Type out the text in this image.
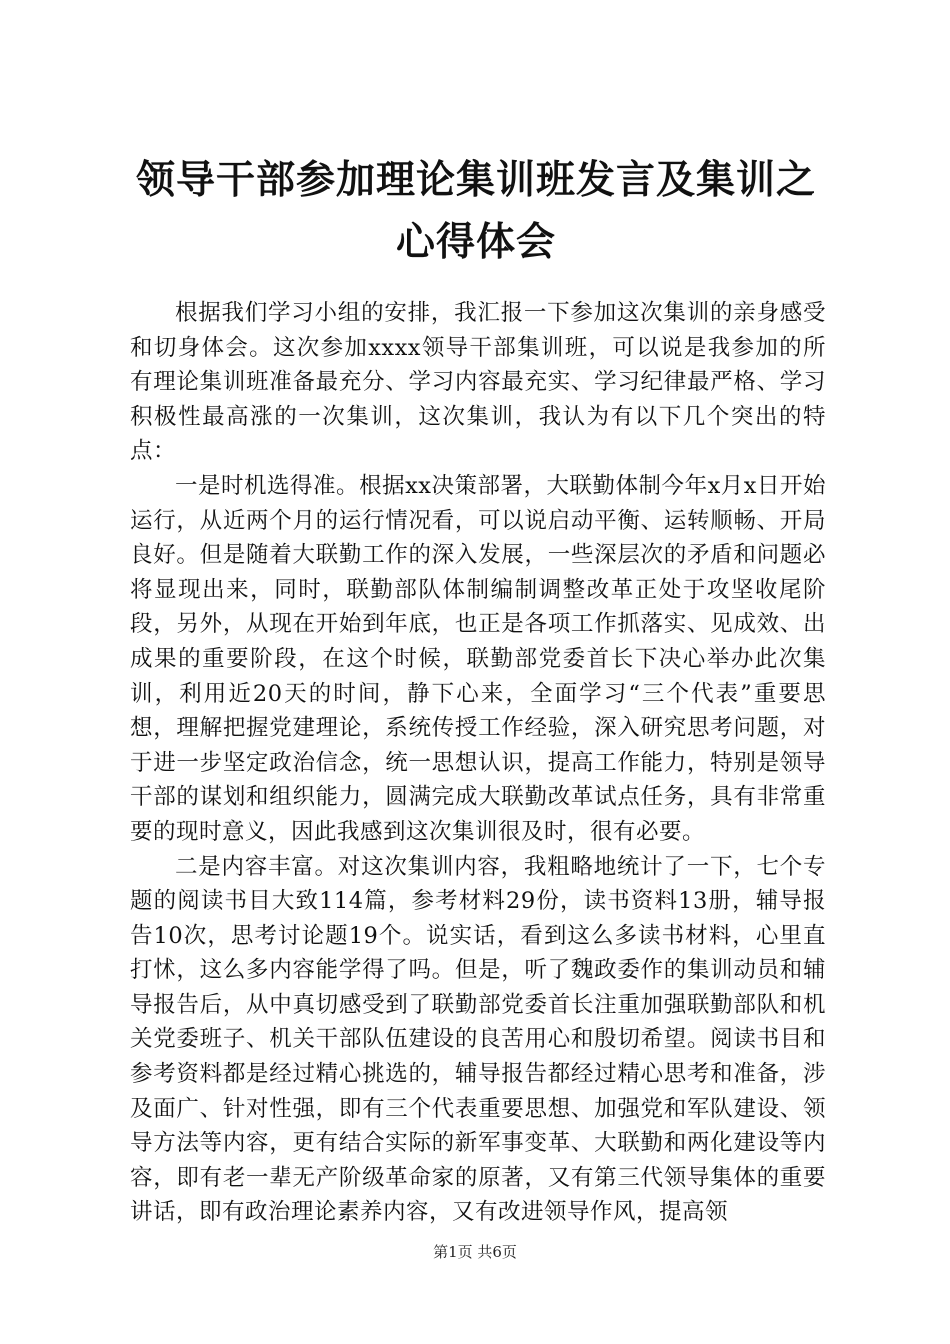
领导干部参加理论集训班发言及集训之心得体会

根据我们学习小组的安排，我汇报一下参加这次集训的亲身感受和切身体会。这次参加xxxx领导干部集训班，可以说是我参加的所有理论集训班准备最充分、学习内容最充实、学习纪律最严格、学习积极性最高涨的一次集训，这次集训，我认为有以下几个突出的特点：

一是时机选得准。根据xx决策部署，大联勤体制今年x月x日开始运行，从近两个月的运行情况看，可以说启动平衡、运转顺畅、开局良好。但是随着大联勤工作的深入发展，一些深层次的矛盾和问题必将显现出来，同时，联勤部队体制编制调整改革正处于攻坚收尾阶段，另外，从现在开始到年底，也正是各项工作抓落实、见成效、出成果的重要阶段，在这个时候，联勤部党委首长下决心举办此次集训，利用近20天的时间，静下心来，全面学习“三个代表”重要思想，理解把握党建理论，系统传授工作经验，深入研究思考问题，对于进一步坚定政治信念，统一思想认识，提高工作能力，特别是领导干部的谋划和组织能力，圆满完成大联勤改革试点任务，具有非常重要的现时意义，因此我感到这次集训很及时，很有必要。

二是内容丰富。对这次集训内容，我粗略地统计了一下，七个专题的阅读书目大致114篇，参考材料29份，读书资料13册，辅导报告10次，思考讨论题19个。说实话，看到这么多读书材料，心里直打怵，这么多内容能学得了吗。但是，听了魏政委作的集训动员和辅导报告后，从中真切感受到了联勤部党委首长注重加强联勤部队和机关党委班子、机关干部队伍建设的良苦用心和殷切希望。阅读书目和参考资料都是经过精心挑选的，辅导报告都经过精心思考和准备，涉及面广、针对性强，即有三个代表重要思想、加强党和军队建设、领导方法等内容，更有结合实际的新军事变革、大联勤和两化建设等内容，即有老一辈无产阶级革命家的原著，又有第三代领导集体的重要讲话，即有政治理论素养内容，又有改进领导作风，提高领

第1页 共6页
